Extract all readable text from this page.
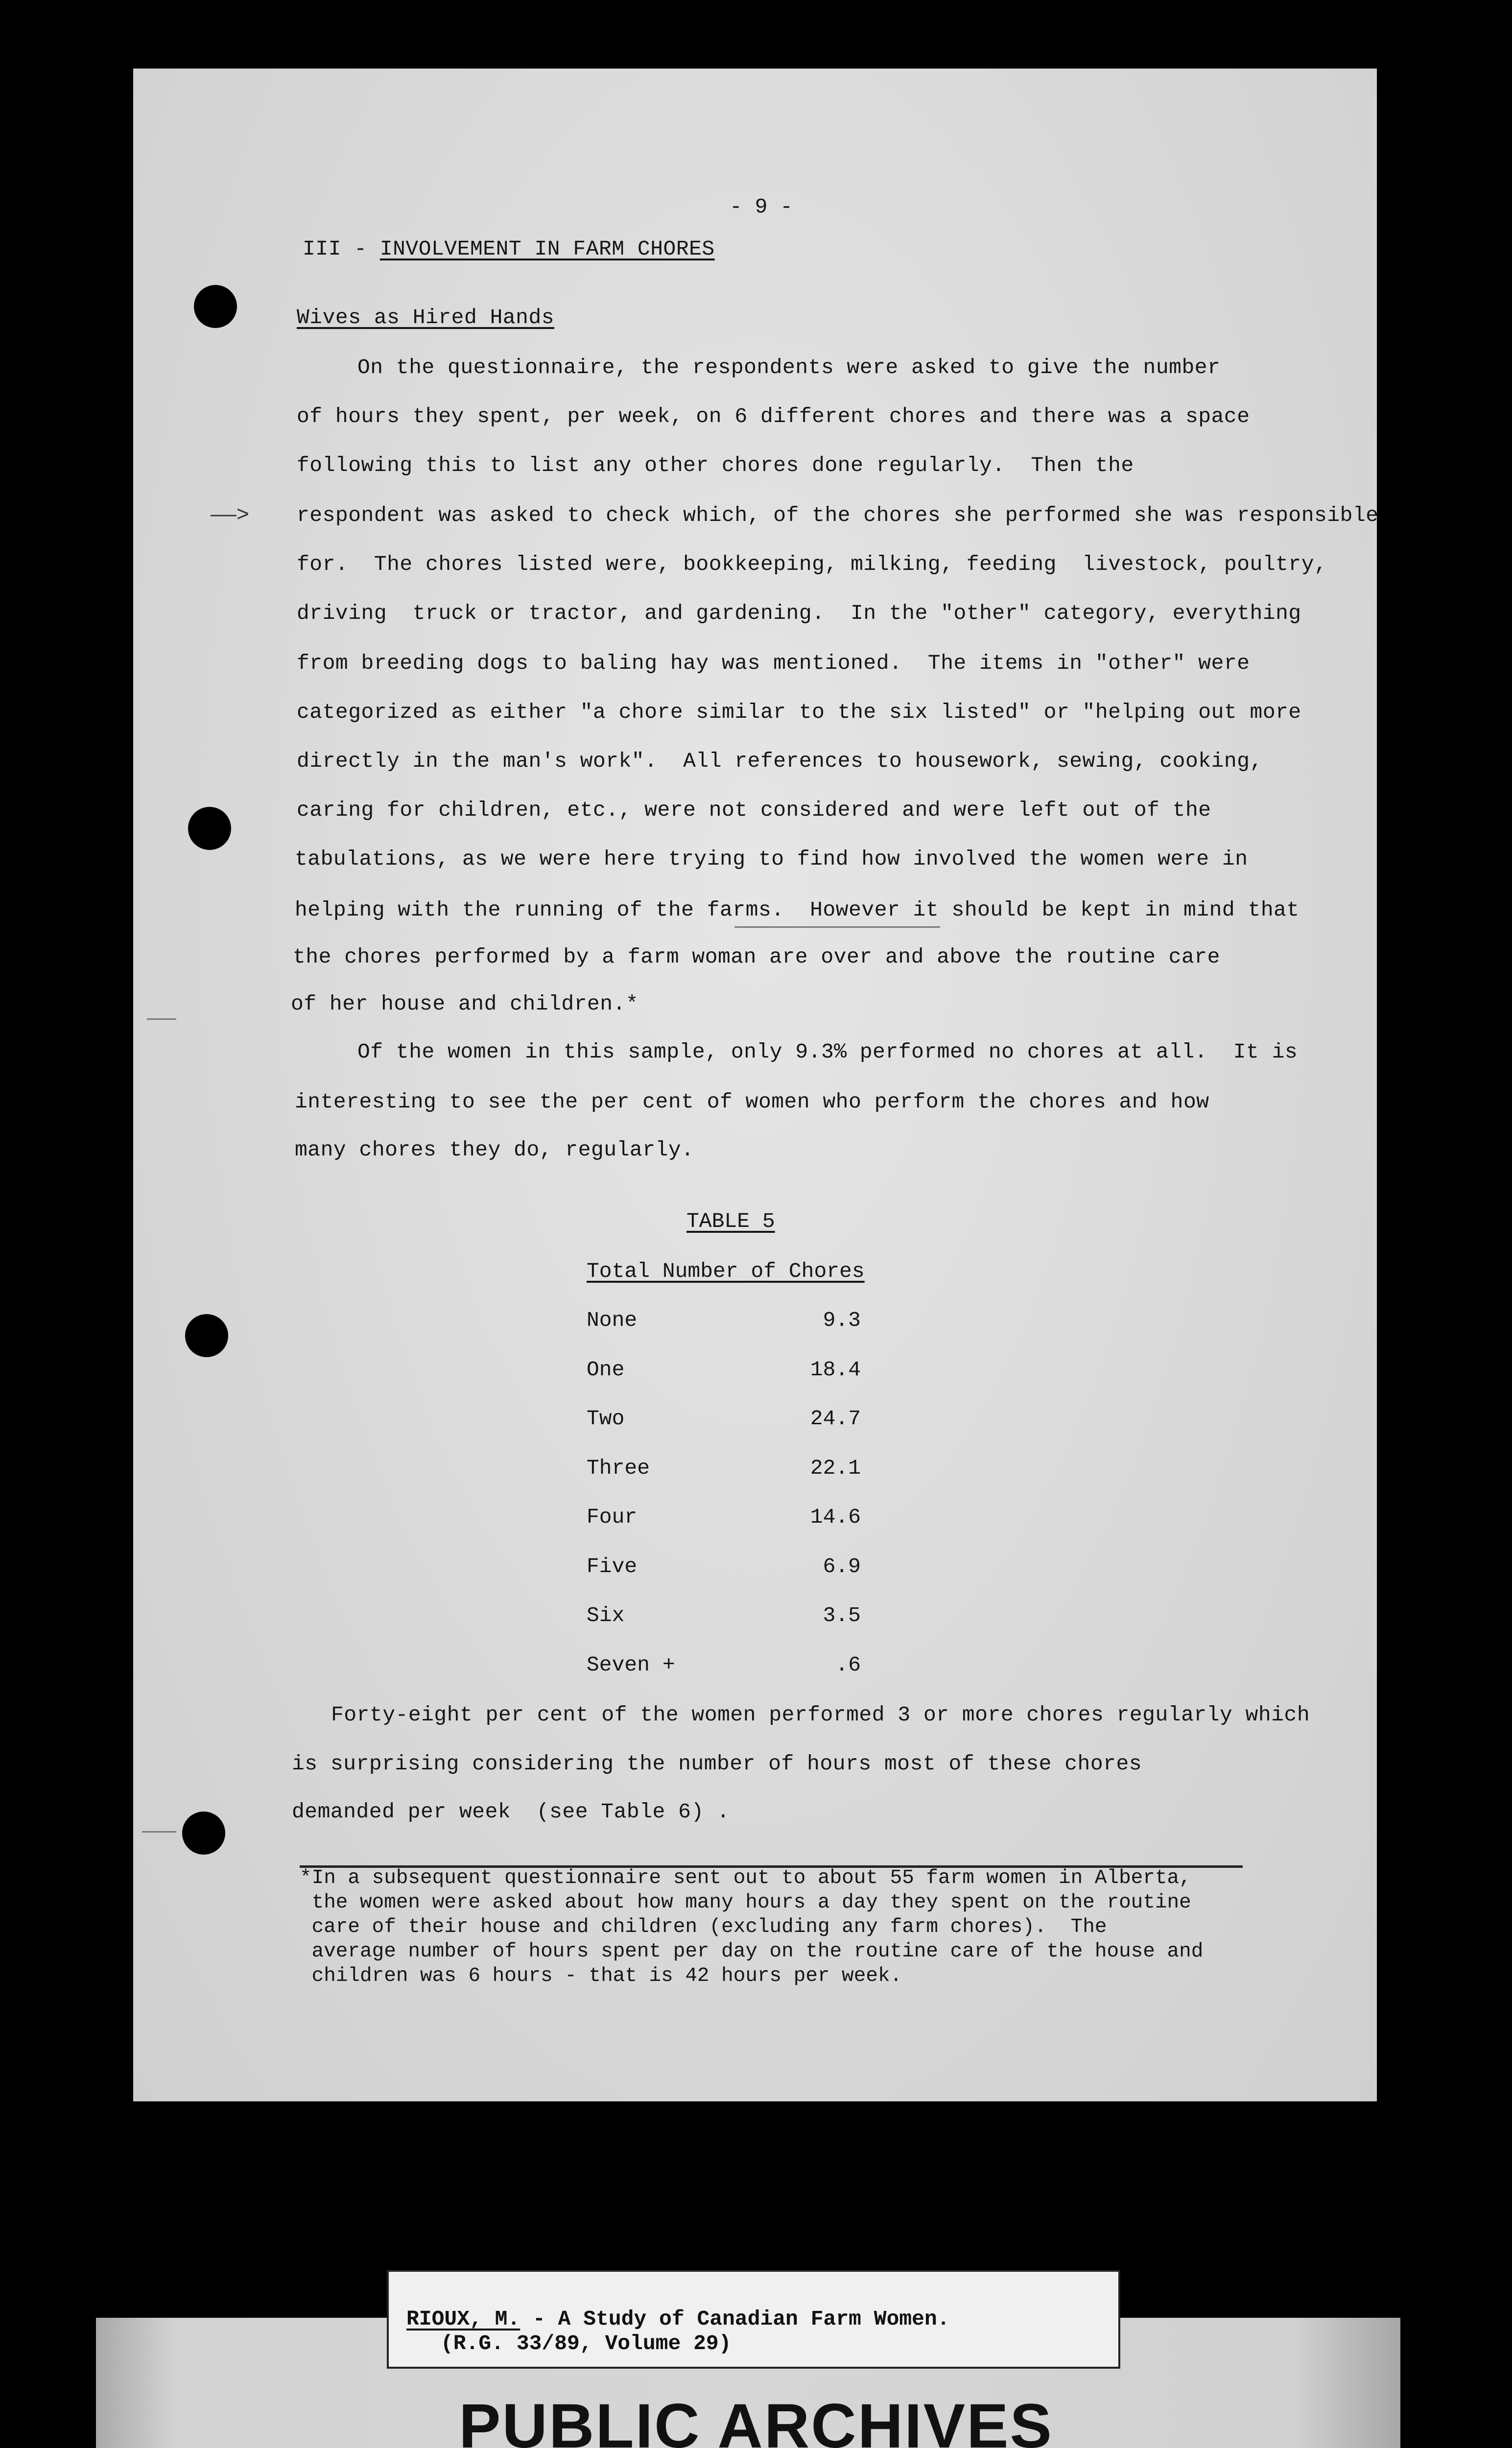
- 9 -
III - INVOLVEMENT IN FARM CHORES
Wives as Hired Hands
——>
On the questionnaire, the respondents were asked to give the number
of hours they spent, per week, on 6 different chores and there was a space
following this to list any other chores done regularly.  Then the
respondent was asked to check which, of the chores she performed she was responsible
for.  The chores listed were, bookkeeping, milking, feeding  livestock, poultry,
driving  truck or tractor, and gardening.  In the "other" category, everything
from breeding dogs to baling hay was mentioned.  The items in "other" were
categorized as either "a chore similar to the six listed" or "helping out more
directly in the man's work".  All references to housework, sewing, cooking,
caring for children, etc., were not considered and were left out of the
tabulations, as we were here trying to find how involved the women were in
helping with the running of the farms.  However it should be kept in mind that
the chores performed by a farm woman are over and above the routine care
of her house and children.*
Of the women in this sample, only 9.3% performed no chores at all.  It is
interesting to see the per cent of women who perform the chores and how
many chores they do, regularly.
TABLE 5
Total Number of Chores
None	9.3
One	18.4
Two	24.7
Three	22.1
Four	14.6
Five	6.9
Six	3.5
Seven +	.6
Forty-eight per cent of the women performed 3 or more chores regularly which
is surprising considering the number of hours most of these chores
demanded per week  (see Table 6) .
*In a subsequent questionnaire sent out to about 55 farm women in Alberta,
the women were asked about how many hours a day they spent on the routine
care of their house and children (excluding any farm chores).  The
average number of hours spent per day on the routine care of the house and
children was 6 hours - that is 42 hours per week.
RIOUX, M. - A Study of Canadian Farm Women.
(R.G. 33/89, Volume 29)
PUBLIC ARCHIVES
